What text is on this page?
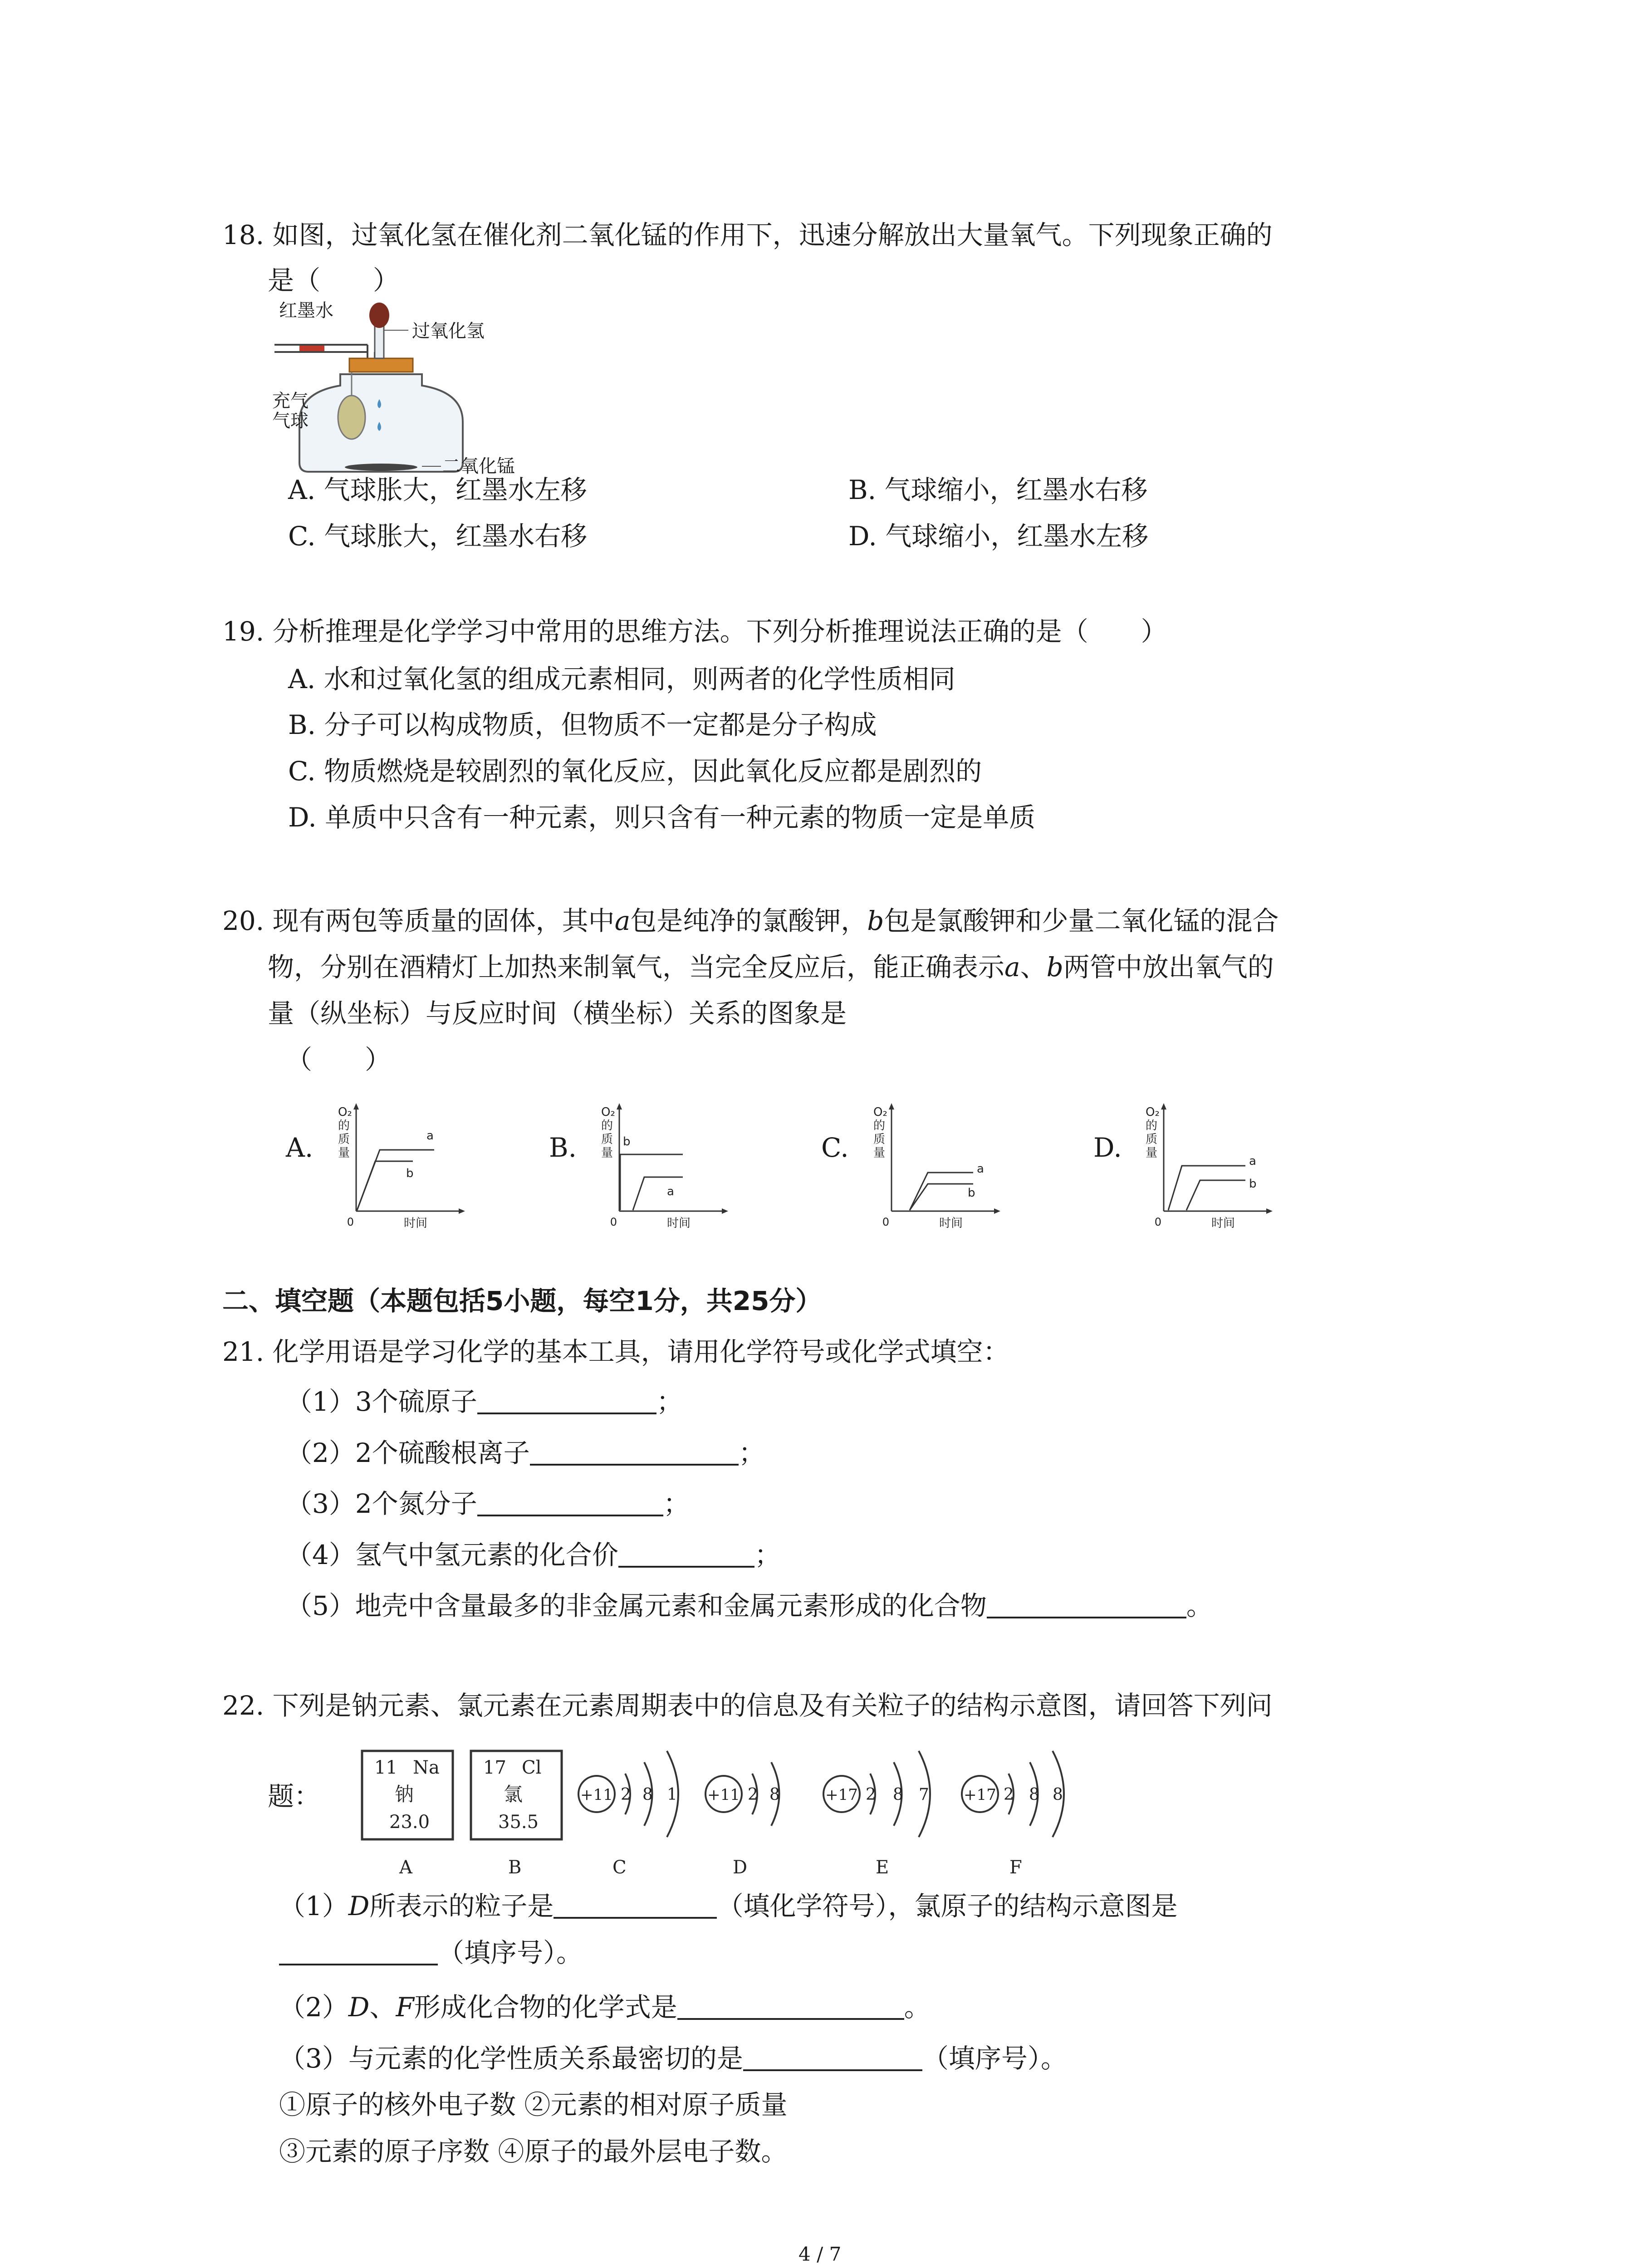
18. 如图，过氧化氢在催化剂二氧化锰的作用下，迅速分解放出大量氧气。下列现象正确的
是（　　）
红墨水
过氧化氢
充气
气球
二氧化锰
A. 气球胀大，红墨水左移	B. 气球缩小，红墨水右移
C. 气球胀大，红墨水右移	D. 气球缩小，红墨水左移
19. 分析推理是化学学习中常用的思维方法。下列分析推理说法正确的是（　　）
A. 水和过氧化氢的组成元素相同，则两者的化学性质相同
B. 分子可以构成物质，但物质不一定都是分子构成
C. 物质燃烧是较剧烈的氧化反应，因此氧化反应都是剧烈的
D. 单质中只含有一种元素，则只含有一种元素的物质一定是单质
20. 现有两包等质量的固体，其中a包是纯净的氯酸钾，b包是氯酸钾和少量二氧化锰的混合
物，分别在酒精灯上加热来制氧气，当完全反应后，能正确表示a、b两管中放出氧气的
量（纵坐标）与反应时间（横坐标）关系的图象是
（　　）
A.
O₂
的
质
量
0	时间
a
b
B.
O₂
的
质
量
0	时间
a
b	C.
O₂
的
质
量
0	时间
a
b
D.
O₂
的
质
量
0	时间
a
b
二、填空题（本题包括5小题，每空1分，共25分）
21. 化学用语是学习化学的基本工具，请用化学符号或化学式填空：
（1）3个硫原子	；
（2）2个硫酸根离子	；
（3）2个氮分子	；
（4）氢气中氢元素的化合价	；
（5）地壳中含量最多的非金属元素和金属元素形成的化合物	。
22. 下列是钠元素、氯元素在元素周期表中的信息及有关粒子的结构示意图，请回答下列问
题：
11 Na
钠
23.0
A
17 Cl
氯
35.5
B
+11 2 8 1
C
+11 2 8
D
+17 2 8 7
E
+17 2 8 8
F
（1）D所表示的粒子是	（填化学符号），氯原子的结构示意图是
（填序号）。
（2）D、F形成化合物的化学式是	。
（3）与元素的化学性质关系最密切的是	（填序号）。
①原子的核外电子数 ②元素的相对原子质量
③元素的原子序数 ④原子的最外层电子数。
4 / 7
